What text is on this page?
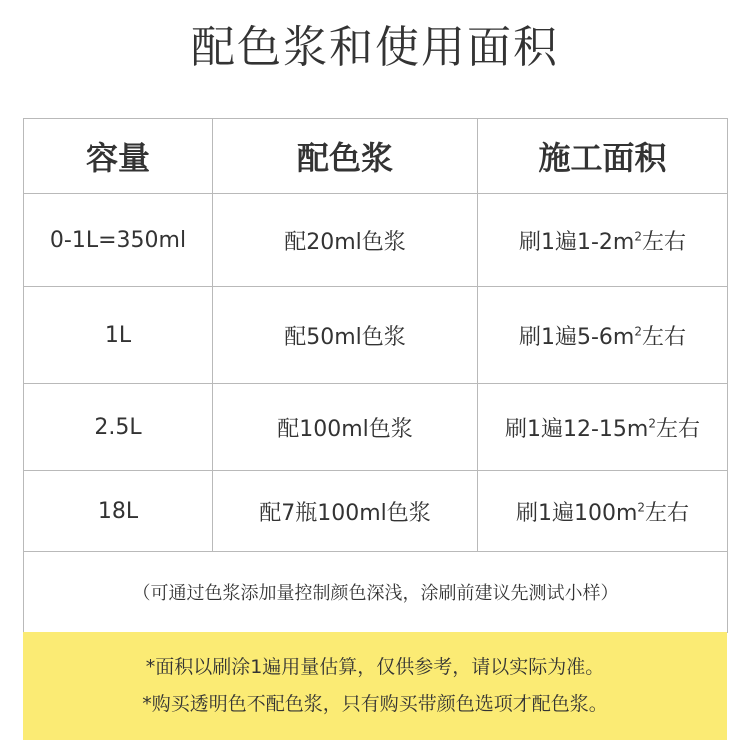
配色浆和使用面积
容量	配色浆	施工面积
0-1L=350ml	配20ml色浆	刷1遍$1-2m^2$左右
1L	配50ml色浆	刷1遍$5-6m^2$左右
2.5L	配100ml色浆	刷1遍$12-15m^2$左右
18L	配7瓶100ml色浆	刷1遍$100m^2$左右
（可通过色浆添加量控制颜色深浅，涂刷前建议先测试小样）		
*面积以刷涂1遍用量估算，仅供参考，请以实际为准。
*购买透明色不配色浆，只有购买带颜色选项才配色浆。
